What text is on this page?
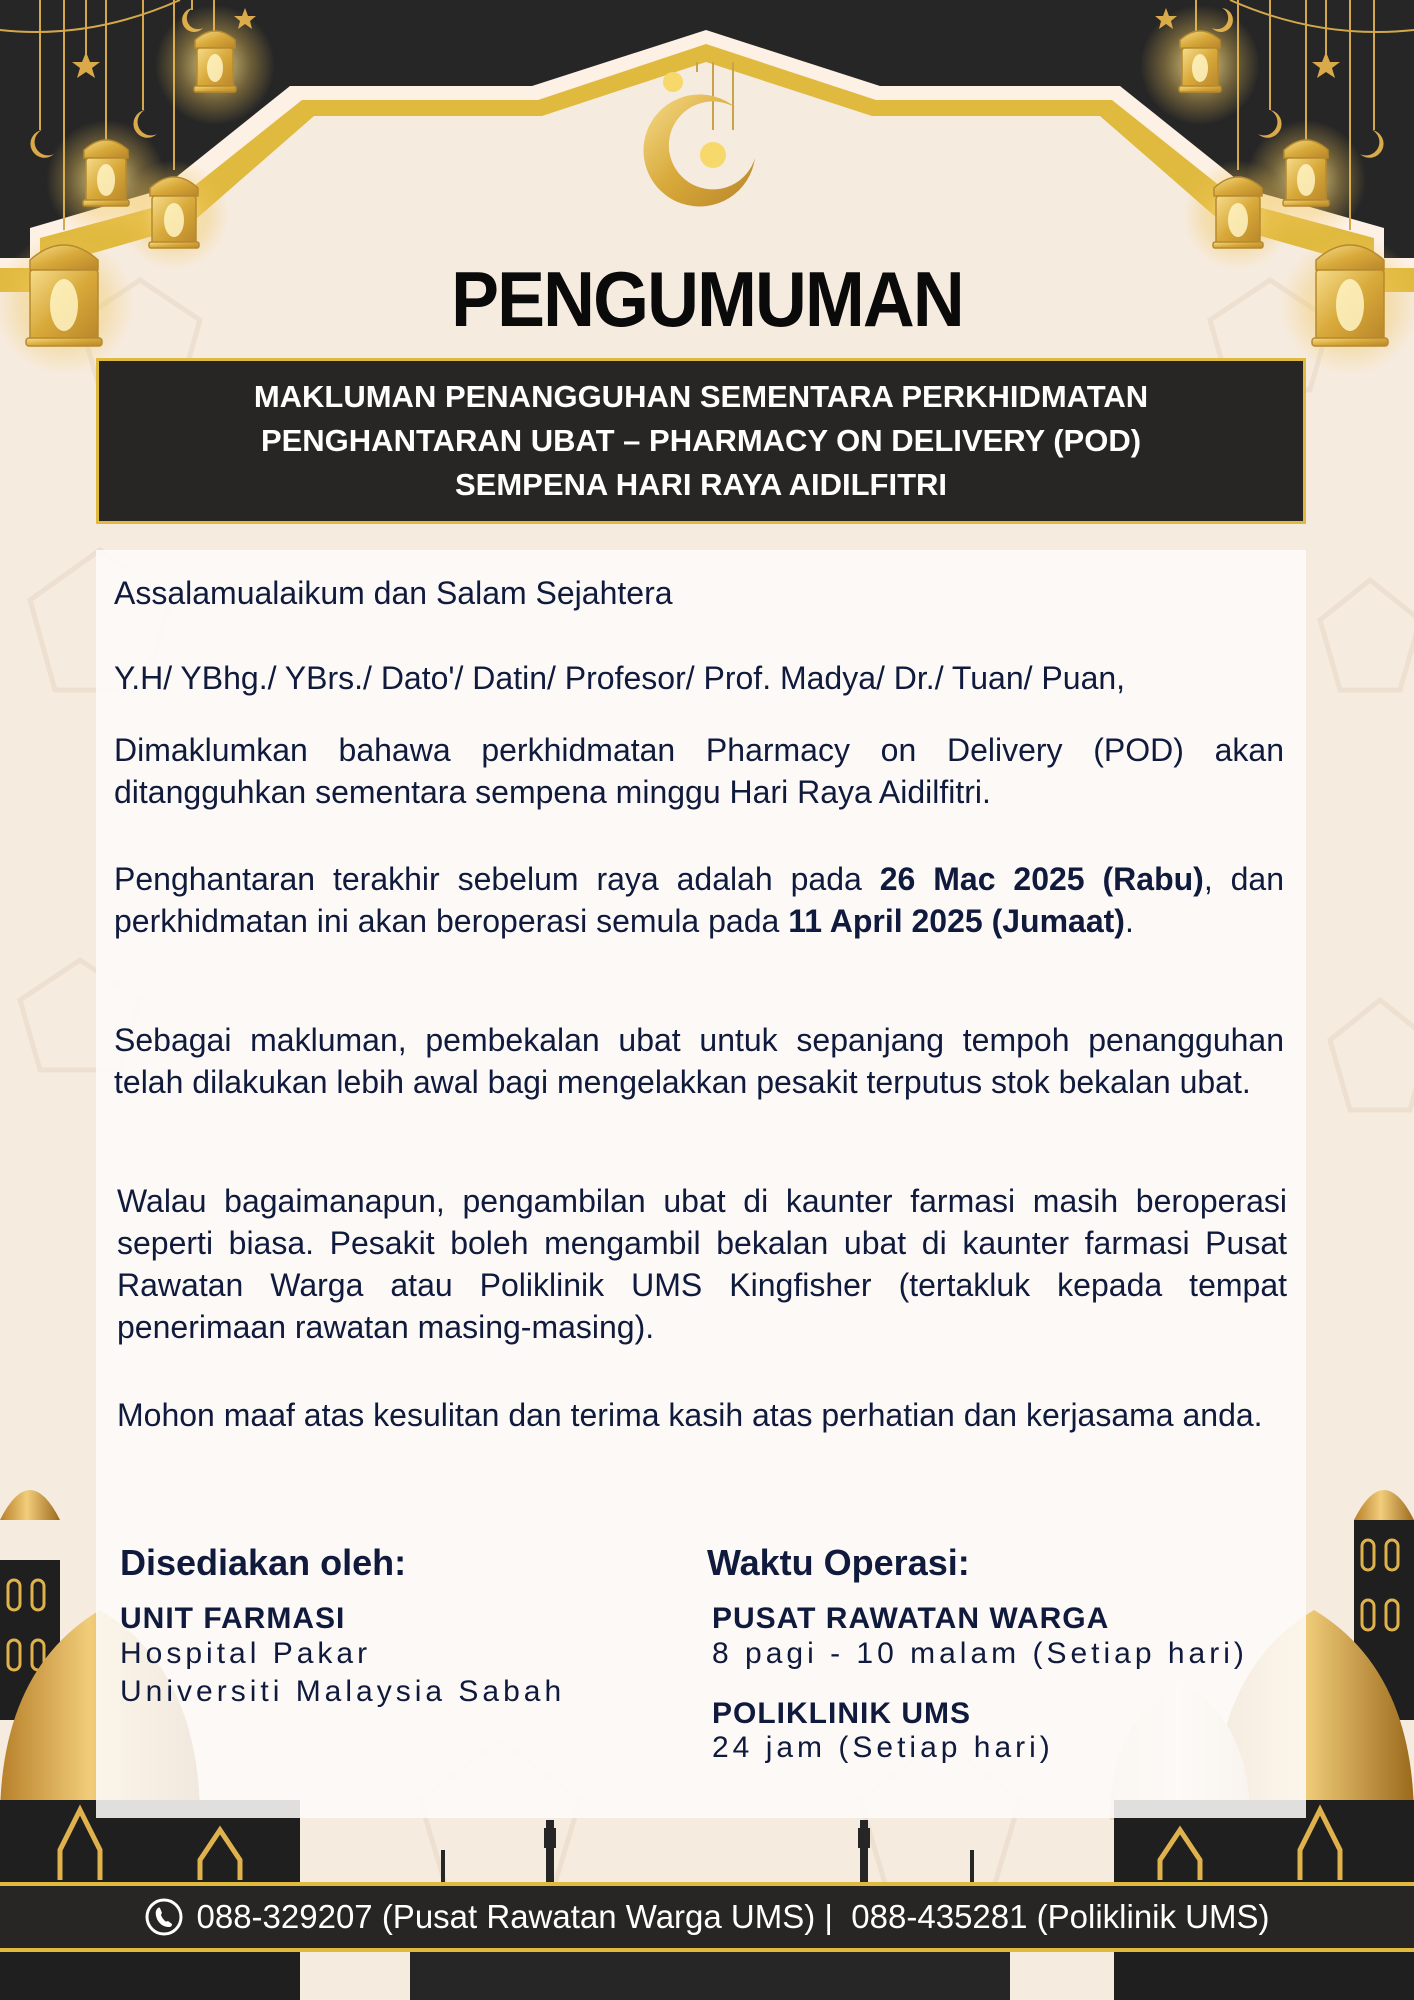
PENGUMUMAN
MAKLUMAN PENANGGUHAN SEMENTARA PERKHIDMATAN
PENGHANTARAN UBAT – PHARMACY ON DELIVERY (POD)
SEMPENA HARI RAYA AIDILFITRI
Assalamualaikum dan Salam Sejahtera
Y.H/ YBhg./ YBrs./ Dato'/ Datin/ Profesor/ Prof. Madya/ Dr./ Tuan/ Puan,
Dimaklumkan bahawa perkhidmatan Pharmacy on Delivery (POD) akan ditangguhkan sementara sempena minggu Hari Raya Aidilfitri.
Penghantaran terakhir sebelum raya adalah pada 26 Mac 2025 (Rabu), dan perkhidmatan ini akan beroperasi semula pada 11 April 2025 (Jumaat).
Sebagai makluman, pembekalan ubat untuk sepanjang tempoh penangguhan telah dilakukan lebih awal bagi mengelakkan pesakit terputus stok bekalan ubat.
Walau bagaimanapun, pengambilan ubat di kaunter farmasi masih beroperasi seperti biasa. Pesakit boleh mengambil bekalan ubat di kaunter farmasi Pusat Rawatan Warga atau Poliklinik UMS Kingfisher (tertakluk kepada tempat penerimaan rawatan masing-masing).
Mohon maaf atas kesulitan dan terima kasih atas perhatian dan kerjasama anda.
Disediakan oleh:
UNIT FARMASI
Hospital Pakar
Universiti Malaysia Sabah
Waktu Operasi:
PUSAT RAWATAN WARGA
8 pagi - 10 malam (Setiap hari)
POLIKLINIK UMS
24 jam (Setiap hari)
088-329207 (Pusat Rawatan Warga UMS) |  088-435281 (Poliklinik UMS)
